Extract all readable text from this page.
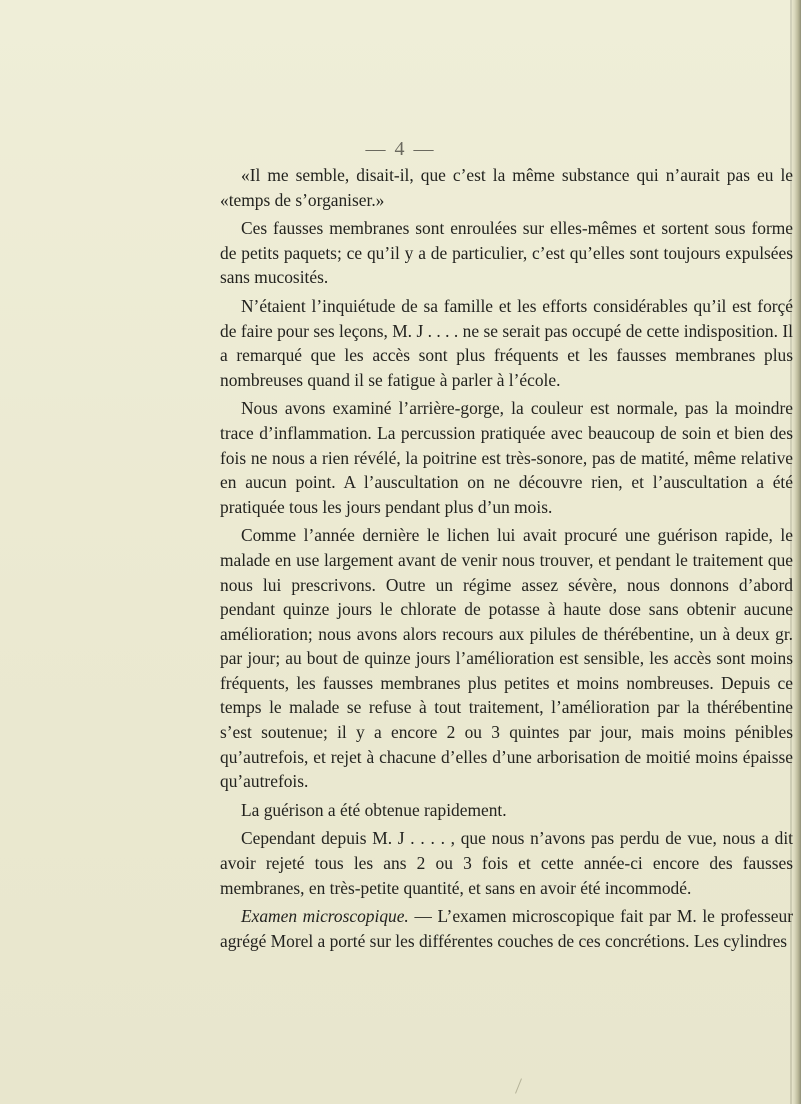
— 4 —

«Il me semble, disait-il, que c’est la même substance qui n’aurait pas eu le «temps de s’organiser.»

Ces fausses membranes sont enroulées sur elles-mêmes et sortent sous forme de petits paquets; ce qu’il y a de particulier, c’est qu’elles sont toujours expulsées sans mucosités.

N’étaient l’inquiétude de sa famille et les efforts considérables qu’il est forçé de faire pour ses leçons, M. J . . . . ne se serait pas occupé de cette indisposition. Il a remarqué que les accès sont plus fréquents et les fausses membranes plus nombreuses quand il se fatigue à parler à l’école.

Nous avons examiné l’arrière-gorge, la couleur est normale, pas la moindre trace d’inflammation. La percussion pratiquée avec beaucoup de soin et bien des fois ne nous a rien révélé, la poitrine est très-sonore, pas de matité, même relative en aucun point. A l’auscultation on ne découvre rien, et l’auscultation a été pratiquée tous les jours pendant plus d’un mois.

Comme l’année dernière le lichen lui avait procuré une guérison rapide, le malade en use largement avant de venir nous trouver, et pendant le traitement que nous lui prescrivons. Outre un régime assez sévère, nous donnons d’abord pendant quinze jours le chlorate de potasse à haute dose sans obtenir aucune amélioration; nous avons alors recours aux pilules de thérébentine, un à deux gr. par jour; au bout de quinze jours l’amélioration est sensible, les accès sont moins fréquents, les fausses membranes plus petites et moins nombreuses. Depuis ce temps le malade se refuse à tout traitement, l’amélioration par la thérébentine s’est soutenue; il y a encore 2 ou 3 quintes par jour, mais moins pénibles qu’autrefois, et rejet à chacune d’elles d’une arborisation de moitié moins épaisse qu’autrefois.

La guérison a été obtenue rapidement.

Cependant depuis M. J . . . . , que nous n’avons pas perdu de vue, nous a dit avoir rejeté tous les ans 2 ou 3 fois et cette année-ci encore des fausses membranes, en très-petite quantité, et sans en avoir été incommodé.

Examen microscopique. — L’examen microscopique fait par M. le professeur agrégé Morel a porté sur les différentes couches de ces concrétions. Les cylindres
